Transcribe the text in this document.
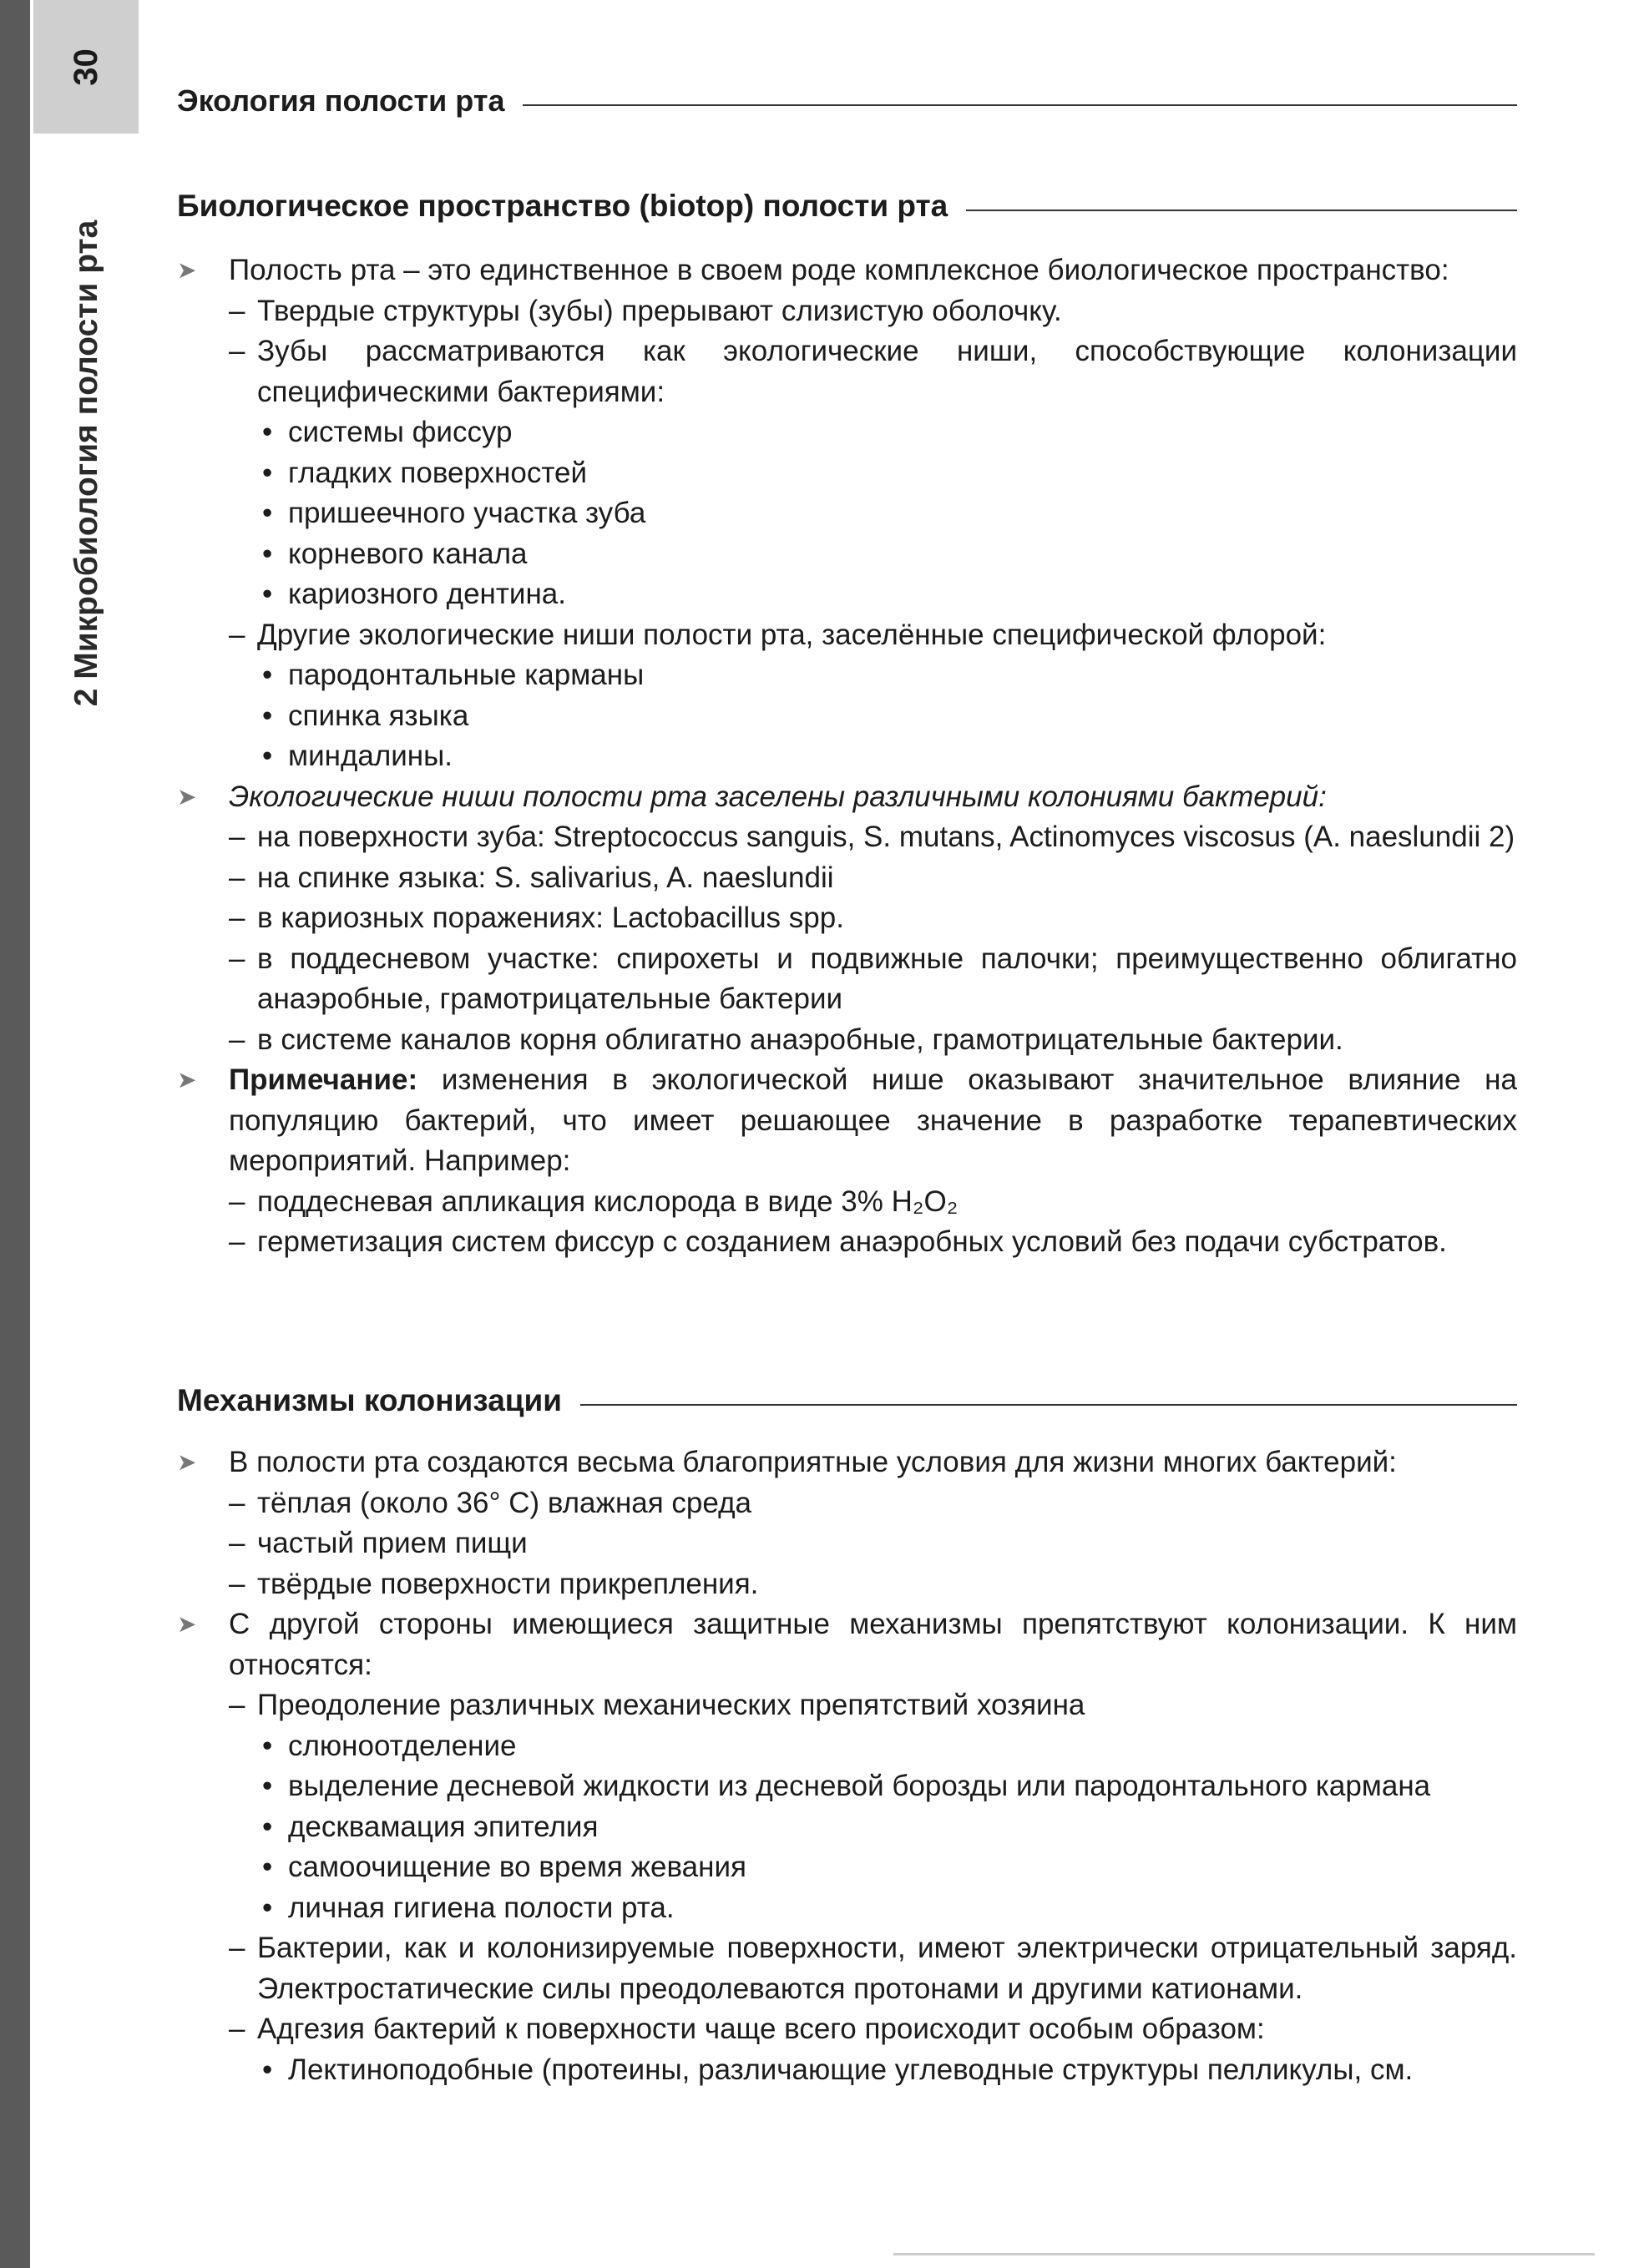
30
2 Микробиология полости рта
Экология полости рта
Биологическое пространство (biotop) полости рта

➤ Полость рта – это единственное в своем роде комплексное биологическое пространство:

– Твердые структуры (зубы) прерывают слизистую оболочку.

– Зубы рассматриваются как экологические ниши, способствующие колонизации специфическими бактериями:

• системы фиссур

• гладких поверхностей

• пришеечного участка зуба

• корневого канала

• кариозного дентина.

– Другие экологические ниши полости рта, заселённые специфической флорой:

• пародонтальные карманы

• спинка языка

• миндалины.

➤ Экологические ниши полости рта заселены различными колониями бактерий:

– на поверхности зуба: Streptococcus sanguis, S. mutans, Actinomyces viscosus (A. naeslundii 2)

– на спинке языка: S. salivarius, A. naeslundii

– в кариозных поражениях: Lactobacillus spp.

– в поддесневом участке: спирохеты и подвижные палочки; преимущественно облигатно анаэробные, грамотрицательные бактерии

– в системе каналов корня облигатно анаэробные, грамотрицательные бактерии.

➤ Примечание: изменения в экологической нише оказывают значительное влияние на популяцию бактерий, что имеет решающее значение в разработке терапевтических мероприятий. Например:

– поддесневая апликация кислорода в виде 3% H₂O₂

– герметизация систем фиссур с созданием анаэробных условий без подачи субстратов.

Механизмы колонизации

➤ В полости рта создаются весьма благоприятные условия для жизни многих бактерий:

– тёплая (около 36° C) влажная среда

– частый прием пищи

– твёрдые поверхности прикрепления.

➤ С другой стороны имеющиеся защитные механизмы препятствуют колонизации. К ним относятся:

– Преодоление различных механических препятствий хозяина

• слюноотделение

• выделение десневой жидкости из десневой борозды или пародонтального кармана

• десквамация эпителия

• самоочищение во время жевания

• личная гигиена полости рта.

– Бактерии, как и колонизируемые поверхности, имеют электрически отрицательный заряд. Электростатические силы преодолеваются протонами и другими катионами.

– Адгезия бактерий к поверхности чаще всего происходит особым образом:

• Лектиноподобные (протеины, различающие углеводные структуры пелликулы, см.
